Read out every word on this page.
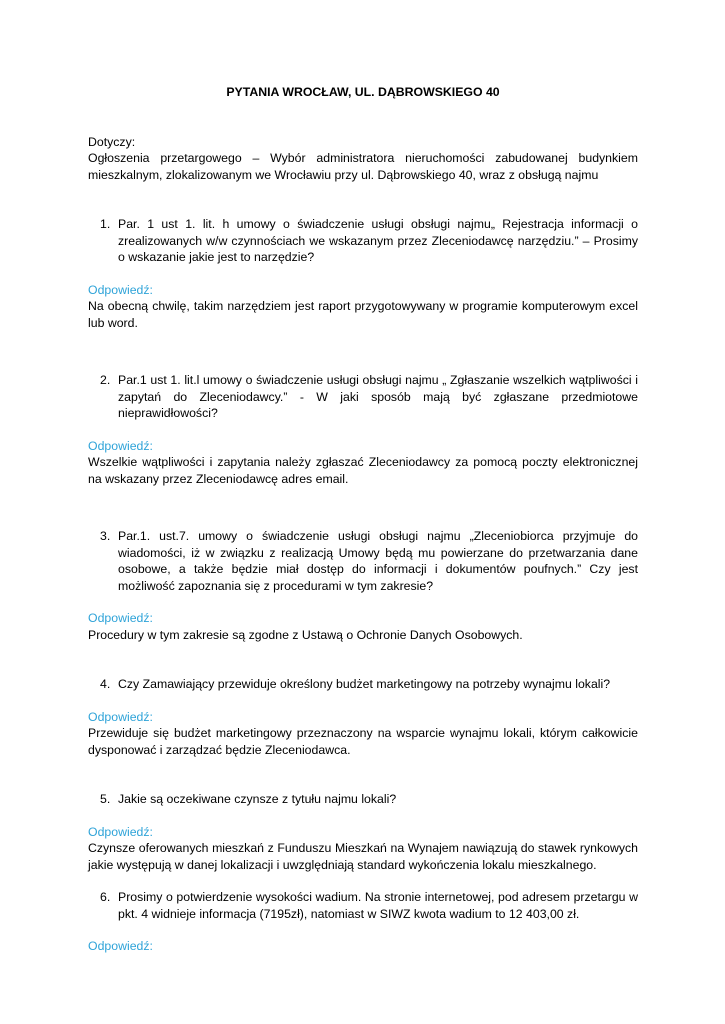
PYTANIA WROCŁAW, UL. DĄBROWSKIEGO 40

Dotyczy:

Ogłoszenia przetargowego – Wybór administratora nieruchomości zabudowanej budynkiem mieszkalnym, zlokalizowanym we Wrocławiu przy ul. Dąbrowskiego 40, wraz z obsługą najmu

1. Par. 1 ust 1. lit. h umowy o świadczenie usługi obsługi najmu„ Rejestracja informacji o zrealizowanych w/w czynnościach we wskazanym przez Zleceniodawcę narzędziu.” – Prosimy o wskazanie jakie jest to narzędzie?

Odpowiedź:

Na obecną chwilę, takim narzędziem jest raport przygotowywany w programie komputerowym excel lub word.

2. Par.1 ust 1. lit.l umowy o świadczenie usługi obsługi najmu „ Zgłaszanie wszelkich wątpliwości i zapytań do Zleceniodawcy.” - W jaki sposób mają być zgłaszane przedmiotowe nieprawidłowości?

Odpowiedź:

Wszelkie wątpliwości i zapytania należy zgłaszać Zleceniodawcy za pomocą poczty elektronicznej na wskazany przez Zleceniodawcę adres email.

3. Par.1. ust.7. umowy o świadczenie usługi obsługi najmu „Zleceniobiorca przyjmuje do wiadomości, iż w związku z realizacją Umowy będą mu powierzane do przetwarzania dane osobowe, a także będzie miał dostęp do informacji i dokumentów poufnych.” Czy jest możliwość zapoznania się z procedurami w tym zakresie?

Odpowiedź:

Procedury w tym zakresie są zgodne z Ustawą o Ochronie Danych Osobowych.

4. Czy Zamawiający przewiduje określony budżet marketingowy na potrzeby wynajmu lokali?

Odpowiedź:

Przewiduje się budżet marketingowy przeznaczony na wsparcie wynajmu lokali, którym całkowicie dysponować i zarządzać będzie Zleceniodawca.

5. Jakie są oczekiwane czynsze z tytułu najmu lokali?

Odpowiedź:

Czynsze oferowanych mieszkań z Funduszu Mieszkań na Wynajem nawiązują do stawek rynkowych jakie występują w danej lokalizacji i uwzględniają standard wykończenia lokalu mieszkalnego.

6. Prosimy o potwierdzenie wysokości wadium. Na stronie internetowej, pod adresem przetargu w pkt. 4 widnieje informacja (7195zł), natomiast w SIWZ kwota wadium to 12 403,00 zł.

Odpowiedź:
